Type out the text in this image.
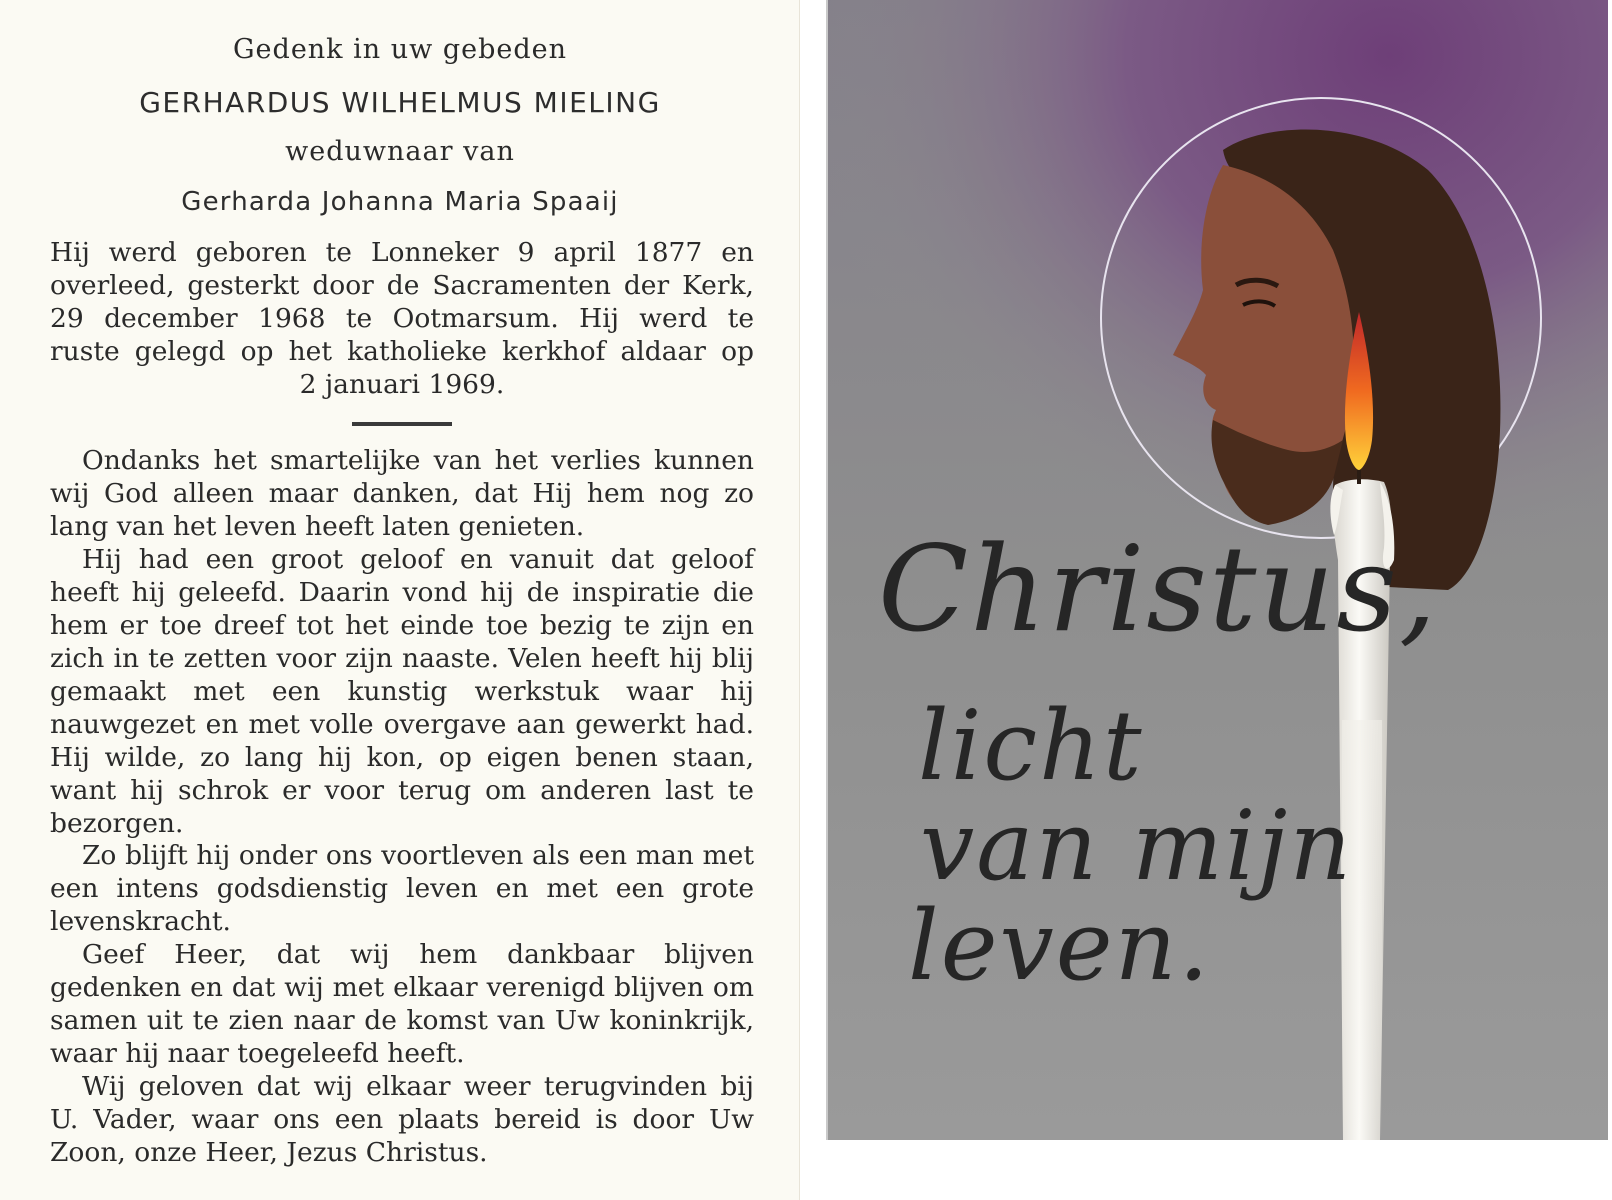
Gedenk in uw gebeden
GERHARDUS WILHELMUS MIELING
weduwnaar van
Gerharda Johanna Maria Spaaij
Hij werd geboren te Lonneker 9 april 1877 en
overleed, gesterkt door de Sacramenten der Kerk,
29 december 1968 te Ootmarsum. Hij werd te
ruste gelegd op het katholieke kerkhof aldaar op
2 januari 1969.
Ondanks het smartelijke van het verlies kunnen wij God alleen maar danken, dat Hij hem nog zo lang van het leven heeft laten genieten.
Hij had een groot geloof en vanuit dat geloof heeft hij geleefd. Daarin vond hij de inspiratie die hem er toe dreef tot het einde toe bezig te zijn en zich in te zetten voor zijn naaste. Velen heeft hij blij gemaakt met een kunstig werkstuk waar hij nauwgezet en met volle overgave aan gewerkt had. Hij wilde, zo lang hij kon, op eigen benen staan, want hij schrok er voor terug om anderen last te bezorgen.
Zo blijft hij onder ons voortleven als een man met een intens godsdienstig leven en met een grote levenskracht.
Geef Heer, dat wij hem dankbaar blijven gedenken en dat wij met elkaar verenigd blijven om samen uit te zien naar de komst van Uw koninkrijk, waar hij naar toegeleefd heeft.
Wij geloven dat wij elkaar weer terugvinden bij U. Vader, waar ons een plaats bereid is door Uw Zoon, onze Heer, Jezus Christus.
Christus,
licht
van mijn
leven.
